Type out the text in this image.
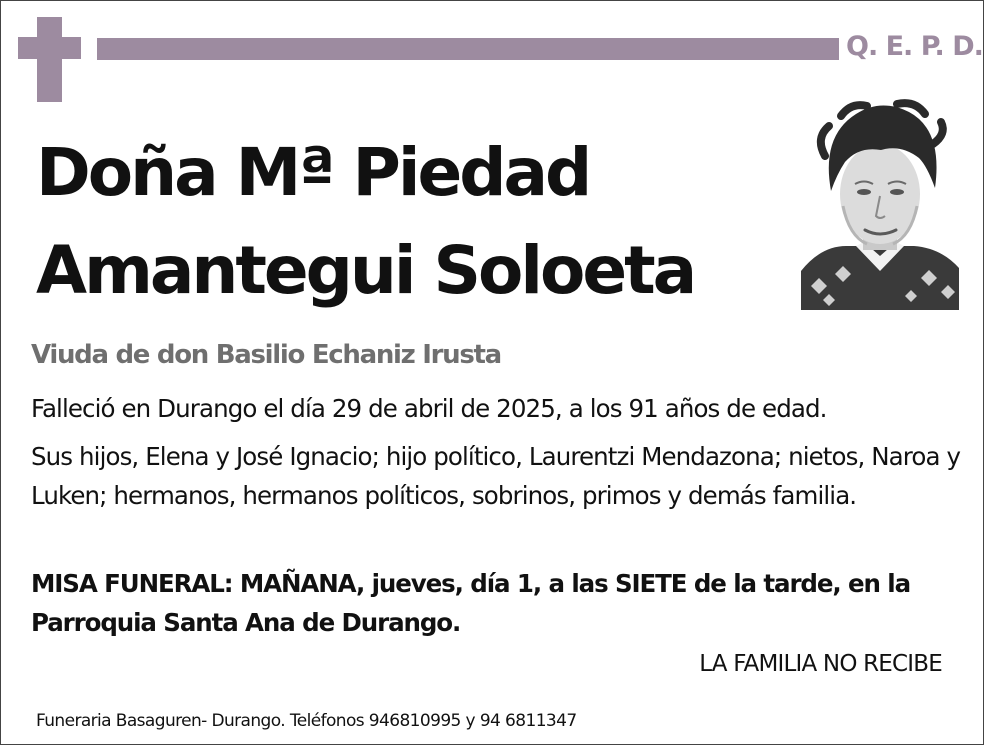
Q. E. P. D.
Doña Mª Piedad
Amantegui Soloeta
Viuda de don Basilio Echaniz Irusta
Falleció en Durango el día 29 de abril de 2025, a los 91 años de edad.
Sus hijos, Elena y José Ignacio; hijo político, Laurentzi Mendazona; nietos, Naroa y Luken; hermanos, hermanos políticos, sobrinos, primos y demás familia.
MISA FUNERAL: MAÑANA, jueves, día 1, a las SIETE de la tarde, en la Parroquia Santa Ana de Durango.
LA FAMILIA NO RECIBE
Funeraria Basaguren- Durango. Teléfonos 946810995 y 94 6811347
